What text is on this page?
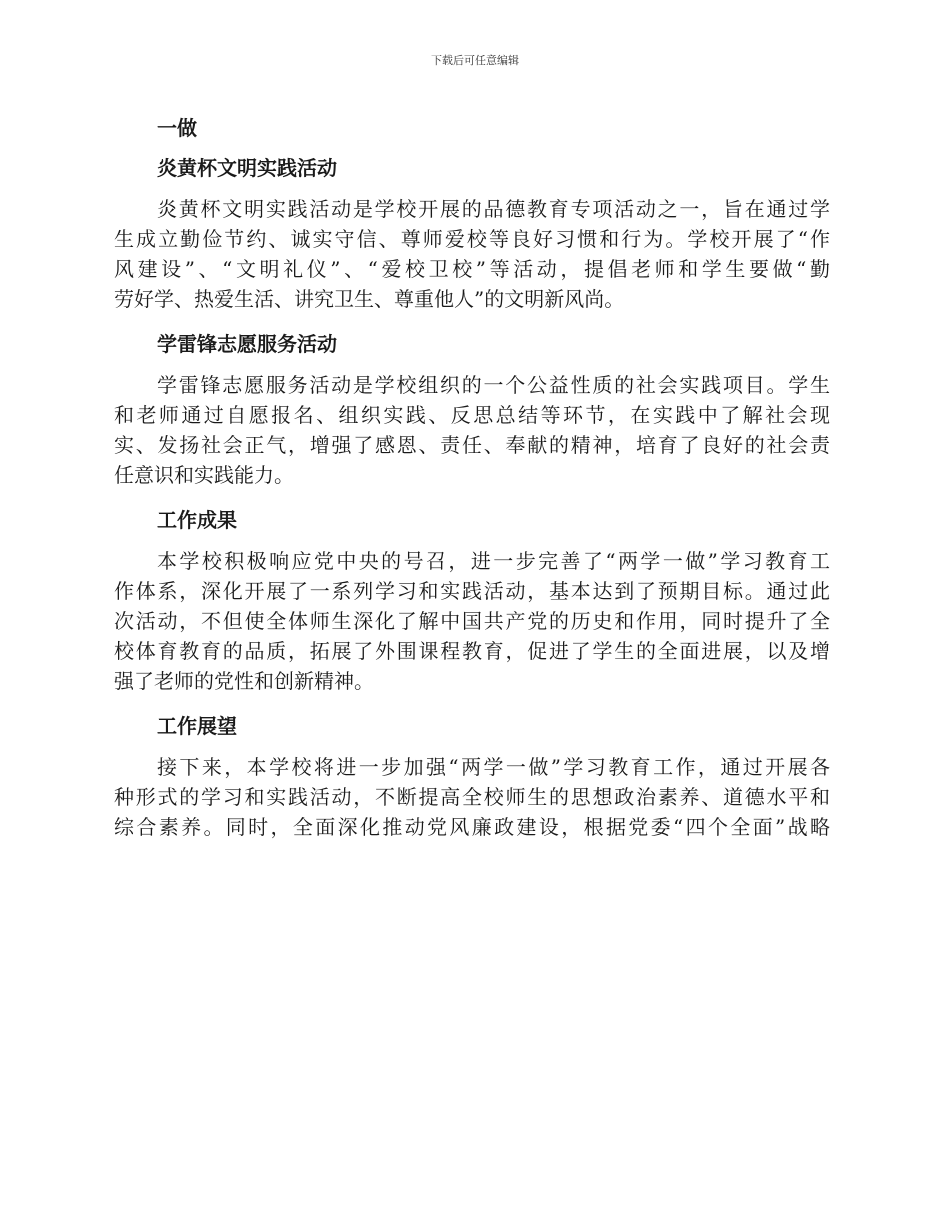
下载后可任意编辑
一做
炎黄杯文明实践活动
炎黄杯文明实践活动是学校开展的品德教育专项活动之一，旨在通过学
生成立勤俭节约、诚实守信、尊师爱校等良好习惯和行为。学校开展了“作
风建设”、“文明礼仪”、“爱校卫校”等活动，提倡老师和学生要做“勤
劳好学、热爱生活、讲究卫生、尊重他人”的文明新风尚。
学雷锋志愿服务活动
学雷锋志愿服务活动是学校组织的一个公益性质的社会实践项目。学生
和老师通过自愿报名、组织实践、反思总结等环节，在实践中了解社会现
实、发扬社会正气，增强了感恩、责任、奉献的精神，培育了良好的社会责
任意识和实践能力。
工作成果
本学校积极响应党中央的号召，进一步完善了“两学一做”学习教育工
作体系，深化开展了一系列学习和实践活动，基本达到了预期目标。通过此
次活动，不但使全体师生深化了解中国共产党的历史和作用，同时提升了全
校体育教育的品质，拓展了外围课程教育，促进了学生的全面进展，以及增
强了老师的党性和创新精神。
工作展望
接下来，本学校将进一步加强“两学一做”学习教育工作，通过开展各
种形式的学习和实践活动，不断提高全校师生的思想政治素养、道德水平和
综合素养。同时，全面深化推动党风廉政建设，根据党委“四个全面”战略
